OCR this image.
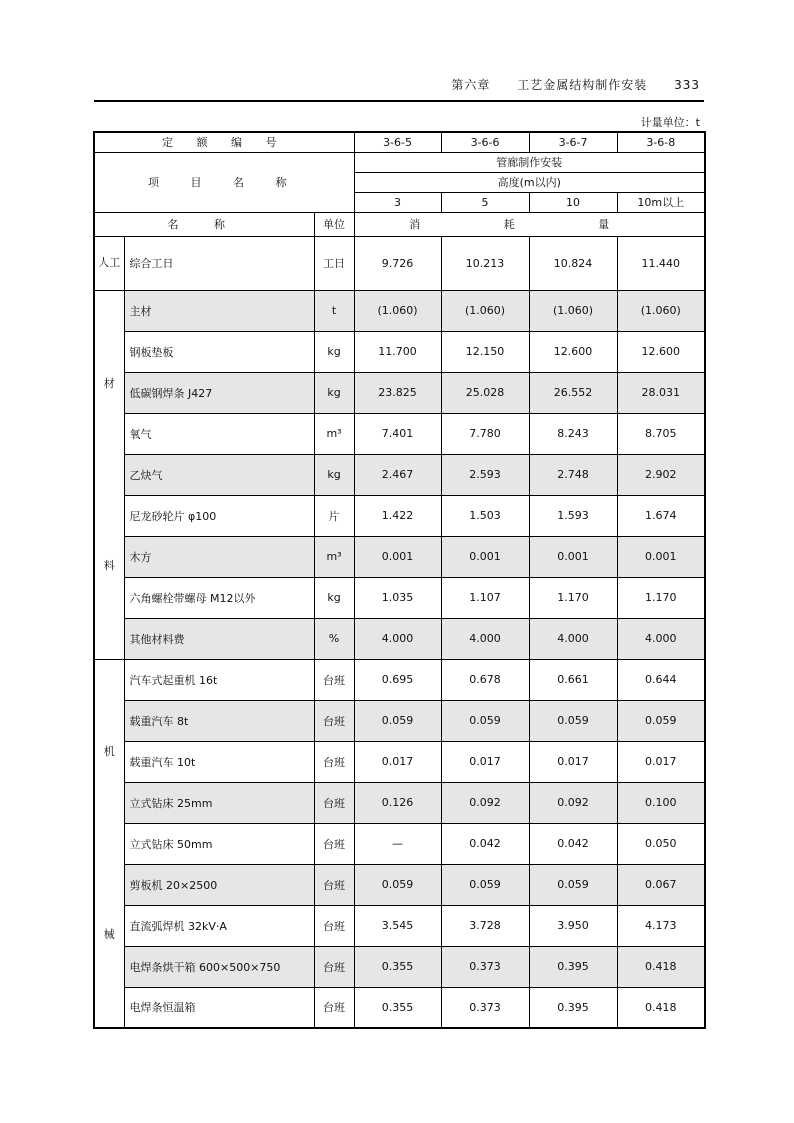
第六章 工艺金属结构制作安装 333
计量单位：t
定 额 编 号			3-6-5	3-6-6	3-6-7	3-6-8
项 目 名 称			管廊制作安装			
			高度(m以内)			
			3	5	10	10m以上
名 称		单位	消 耗 量			

人工	综合工日	工日	9.726	10.213	10.824	11.440

材
料	主材	t	(1.060)	(1.060)	(1.060)	(1.060)
	钢板垫板	kg	11.700	12.150	12.600	12.600
	低碳钢焊条 J427	kg	23.825	25.028	26.552	28.031
	氧气	m³	7.401	7.780	8.243	8.705
	乙炔气	kg	2.467	2.593	2.748	2.902
	尼龙砂轮片 φ100	片	1.422	1.503	1.593	1.674
	木方	m³	0.001	0.001	0.001	0.001
	六角螺栓带螺母 M12以外	kg	1.035	1.107	1.170	1.170
	其他材料费	%	4.000	4.000	4.000	4.000

机
械	汽车式起重机 16t	台班	0.695	0.678	0.661	0.644
	载重汽车 8t	台班	0.059	0.059	0.059	0.059
	载重汽车 10t	台班	0.017	0.017	0.017	0.017
	立式钻床 25mm	台班	0.126	0.092	0.092	0.100
	立式钻床 50mm	台班	—	0.042	0.042	0.050
	剪板机 20×2500	台班	0.059	0.059	0.059	0.067
	直流弧焊机 32kV·A	台班	3.545	3.728	3.950	4.173
	电焊条烘干箱 600×500×750	台班	0.355	0.373	0.395	0.418
	电焊条恒温箱	台班	0.355	0.373	0.395	0.418
